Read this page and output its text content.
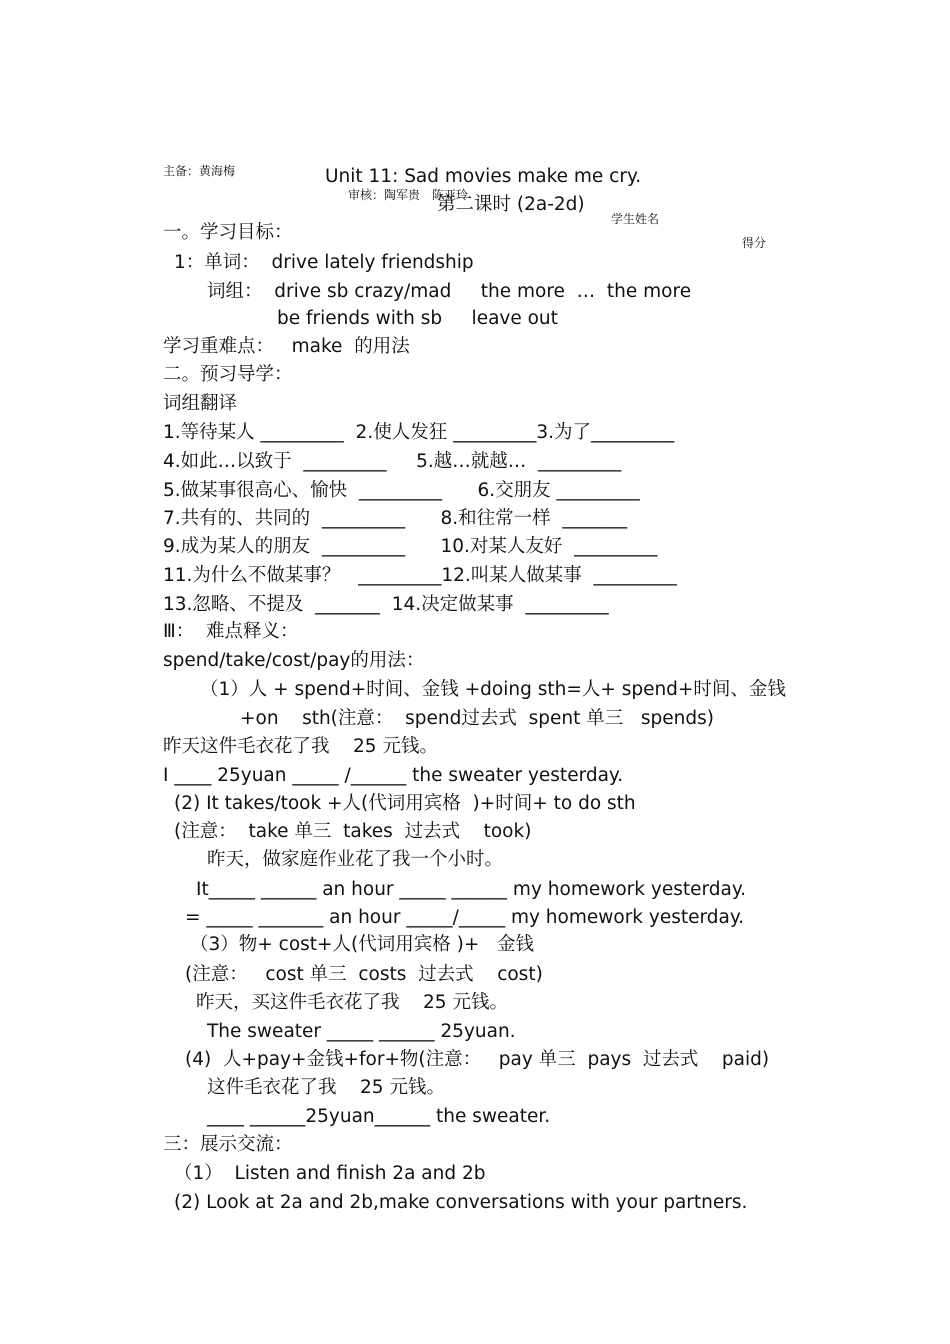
主备：黄海梅

审核：陶军贵　陈亚玲

学生姓名

得分

Unit 11: Sad movies make me cry.
第二课时 (2a-2d)
一。学习目标：
1：单词：  drive lately friendship
词组：  drive sb crazy/mad     the more  …  the more
be friends with sb     leave out
学习重难点：   make  的用法
二。预习导学：
词组翻译
1.等待某人 _________  2.使人发狂 _________3.为了_________
4.如此…以致于  _________     5.越…就越…  _________
5.做某事很高心、愉快  _________      6.交朋友 _________
7.共有的、共同的  _________      8.和往常一样  _______
9.成为某人的朋友  _________      10.对某人友好  _________
11.为什么不做某事？   _________12.叫某人做某事  _________
13.忽略、不提及  _______  14.决定做某事  _________
Ⅲ：  难点释义：
spend/take/cost/pay的用法：
（1）人 + spend+时间、金钱 +doing sth=人+ spend+时间、金钱
+on    sth(注意：  spend过去式  spent 单三   spends)
昨天这件毛衣花了我    25 元钱。
I ____ 25yuan _____ /______ the sweater yesterday.
(2) It takes/took +人(代词用宾格  )+时间+ to do sth
(注意：  take 单三  takes  过去式    took)
昨天，做家庭作业花了我一个小时。
It_____ ______ an hour _____ ______ my homework yesterday.
= _____ _______ an hour _____/_____ my homework yesterday.
（3）物+ cost+人(代词用宾格 )+   金钱
(注意：   cost 单三  costs  过去式    cost)
昨天，买这件毛衣花了我    25 元钱。
The sweater _____ ______ 25yuan.
(4)  人+pay+金钱+for+物(注意：   pay 单三  pays  过去式    paid)
这件毛衣花了我    25 元钱。
____ ______25yuan______ the sweater.
三：展示交流：
（1）  Listen and finish 2a and 2b
(2) Look at 2a and 2b,make conversations with your partners.
